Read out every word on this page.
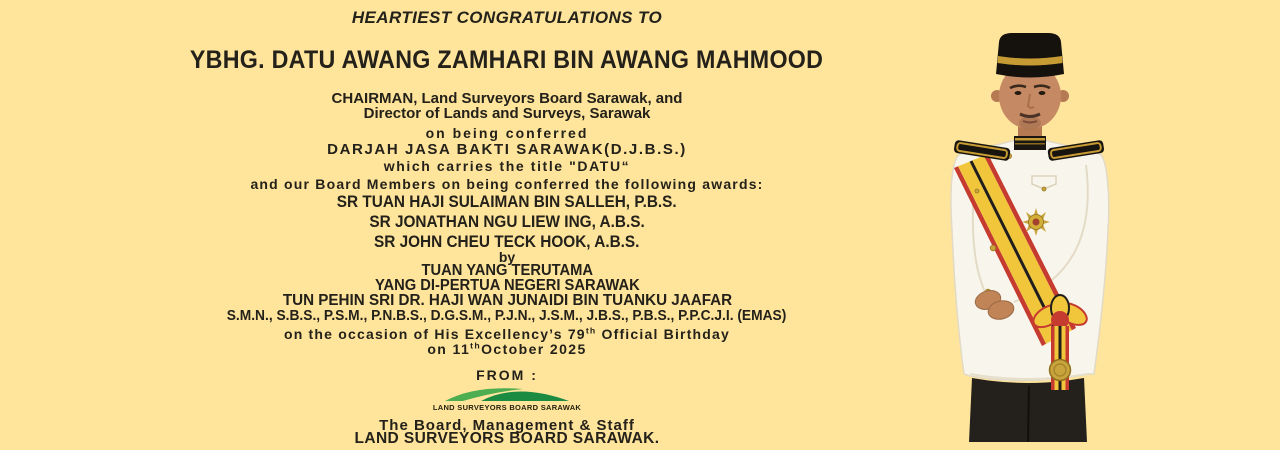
HEARTIEST CONGRATULATIONS TO
YBHG. DATU AWANG ZAMHARI BIN AWANG MAHMOOD
CHAIRMAN, Land Surveyors Board Sarawak, and
Director of Lands and Surveys, Sarawak
on being conferred
DARJAH JASA BAKTI SARAWAK(D.J.B.S.)
which carries the title "DATU“
and our Board Members on being conferred the following awards:
SR TUAN HAJI SULAIMAN BIN SALLEH, P.B.S.
SR JONATHAN NGU LIEW ING, A.B.S.
SR JOHN CHEU TECK HOOK, A.B.S.
by
TUAN YANG TERUTAMA
YANG DI-PERTUA NEGERI SARAWAK
TUN PEHIN SRI DR. HAJI WAN JUNAIDI BIN TUANKU JAAFAR
S.M.N., S.B.S., P.S.M., P.N.B.S., D.G.S.M., P.J.N., J.S.M., J.B.S., P.B.S., P.P.C.J.I. (EMAS)
on the occasion of His Excellency’s 79th Official Birthday
on 11thOctober 2025
FROM :
LAND SURVEYORS BOARD SARAWAK
The Board, Management & Staff
LAND SURVEYORS BOARD SARAWAK.
